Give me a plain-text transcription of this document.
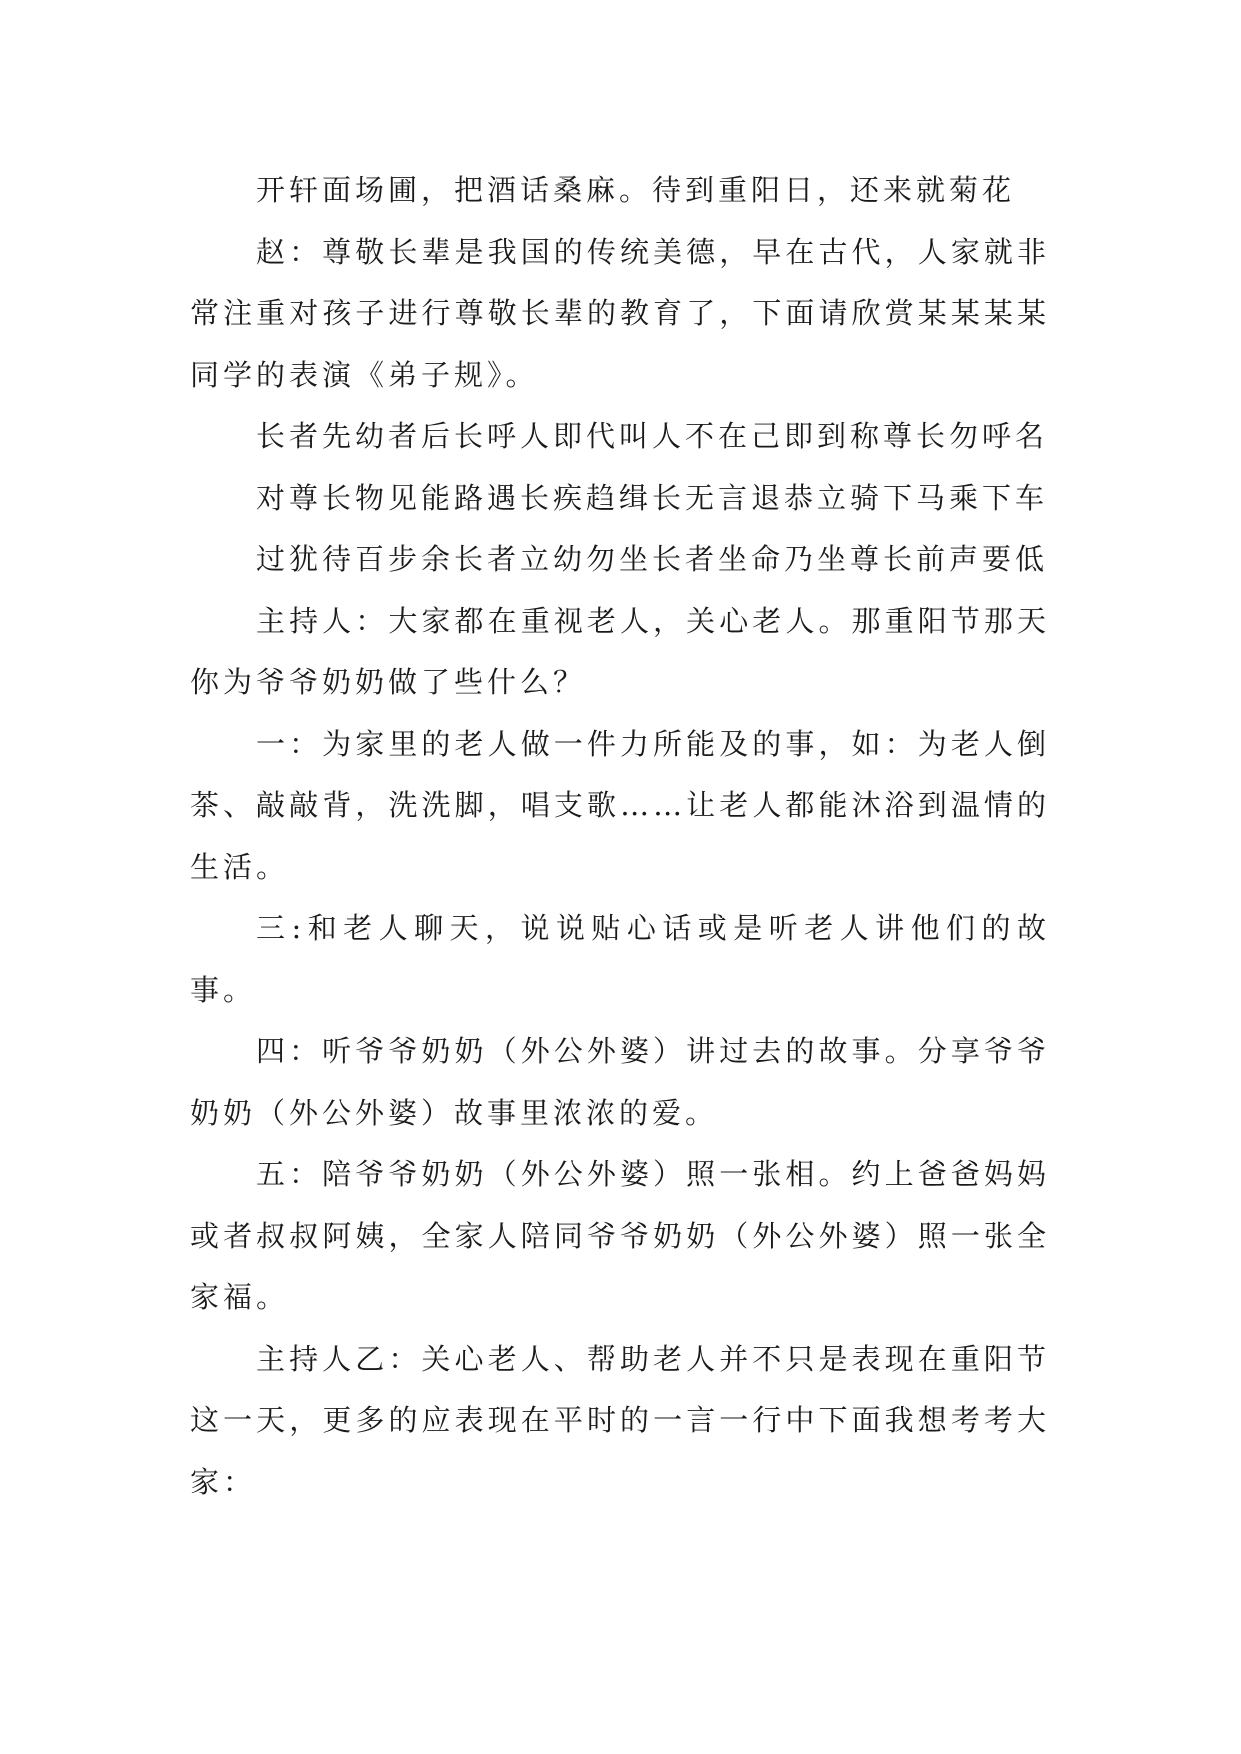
开轩面场圃，把酒话桑麻。待到重阳日，还来就菊花

赵：尊敬长辈是我国的传统美德，早在古代，人家就非常注重对孩子进行尊敬长辈的教育了，下面请欣赏某某某某同学的表演《弟子规》。

长者先幼者后长呼人即代叫人不在己即到称尊长勿呼名

对尊长物见能路遇长疾趋缉长无言退恭立骑下马乘下车

过犹待百步余长者立幼勿坐长者坐命乃坐尊长前声要低

主持人：大家都在重视老人，关心老人。那重阳节那天你为爷爷奶奶做了些什么？

一：为家里的老人做一件力所能及的事，如：为老人倒茶、敲敲背，洗洗脚，唱支歌……让老人都能沐浴到温情的生活。

三:和老人聊天，说说贴心话或是听老人讲他们的故事。

四：听爷爷奶奶（外公外婆）讲过去的故事。分享爷爷奶奶（外公外婆）故事里浓浓的爱。

五：陪爷爷奶奶（外公外婆）照一张相。约上爸爸妈妈或者叔叔阿姨，全家人陪同爷爷奶奶（外公外婆）照一张全家福。

主持人乙：关心老人、帮助老人并不只是表现在重阳节这一天，更多的应表现在平时的一言一行中下面我想考考大家：
